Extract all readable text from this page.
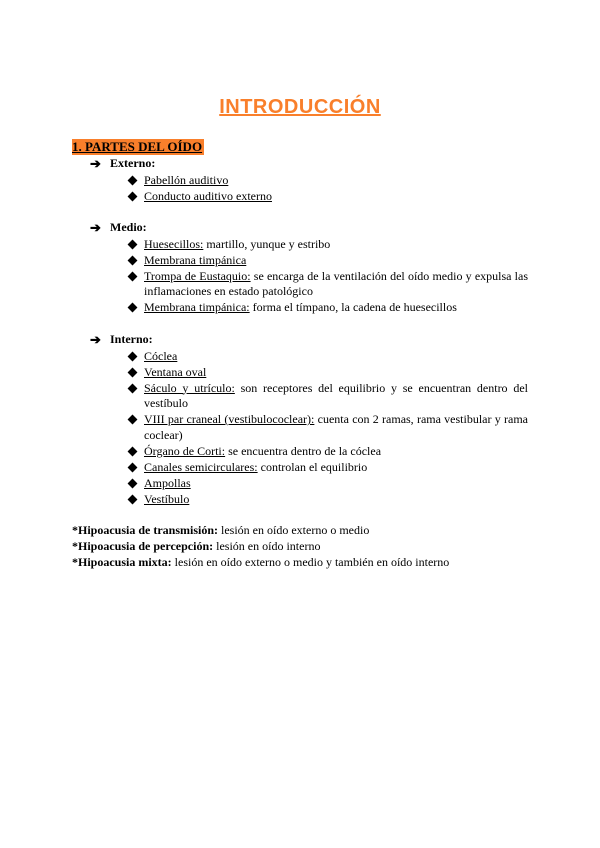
INTRODUCCIÓN
1. PARTES DEL OÍDO
➔ Externo:
Pabellón auditivo
Conducto auditivo externo
➔ Medio:
Huesecillos: martillo, yunque y estribo
Membrana timpánica
Trompa de Eustaquio: se encarga de la ventilación del oído medio y expulsa las inflamaciones en estado patológico
Membrana timpánica: forma el tímpano, la cadena de huesecillos
➔ Interno:
Cóclea
Ventana oval
Sáculo y utrículo: son receptores del equilibrio y se encuentran dentro del vestíbulo
VIII par craneal (vestibulococlear): cuenta con 2 ramas, rama vestibular y rama coclear)
Órgano de Corti: se encuentra dentro de la cóclea
Canales semicirculares: controlan el equilibrio
Ampollas
Vestíbulo
*Hipoacusia de transmisión: lesión en oído externo o medio
*Hipoacusia de percepción: lesión en oído interno
*Hipoacusia mixta: lesión en oído externo o medio y también en oído interno
